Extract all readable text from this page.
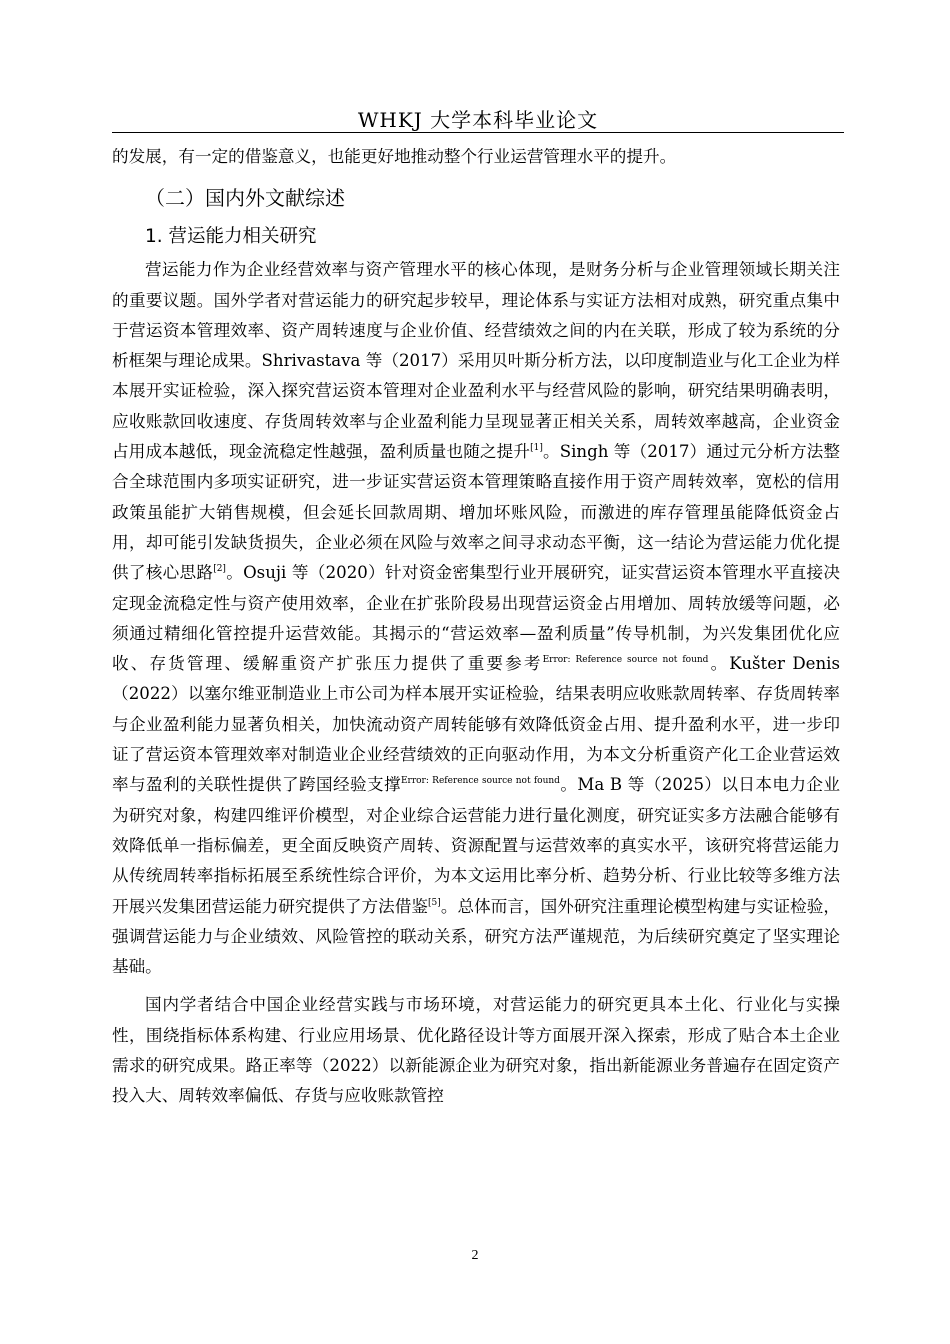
WHKJ 大学本科毕业论文

的发展，有一定的借鉴意义，也能更好地推动整个行业运营管理水平的提升。

（二）国内外文献综述

1. 营运能力相关研究

营运能力作为企业经营效率与资产管理水平的核心体现，是财务分析与企业管理领域长期关注的重要议题。国外学者对营运能力的研究起步较早，理论体系与实证方法相对成熟，研究重点集中于营运资本管理效率、资产周转速度与企业价值、经营绩效之间的内在关联，形成了较为系统的分析框架与理论成果。Shrivastava 等（2017）采用贝叶斯分析方法，以印度制造业与化工企业为样本展开实证检验，深入探究营运资本管理对企业盈利水平与经营风险的影响，研究结果明确表明，应收账款回收速度、存货周转效率与企业盈利能力呈现显著正相关关系，周转效率越高，企业资金占用成本越低，现金流稳定性越强，盈利质量也随之提升[1]。Singh 等（2017）通过元分析方法整合全球范围内多项实证研究，进一步证实营运资本管理策略直接作用于资产周转效率，宽松的信用政策虽能扩大销售规模，但会延长回款周期、增加坏账风险，而激进的库存管理虽能降低资金占用，却可能引发缺货损失，企业必须在风险与效率之间寻求动态平衡，这一结论为营运能力优化提供了核心思路[2]。Osuji 等（2020）针对资金密集型行业开展研究，证实营运资本管理水平直接决定现金流稳定性与资产使用效率，企业在扩张阶段易出现营运资金占用增加、周转放缓等问题，必须通过精细化管控提升运营效能。其揭示的“营运效率—盈利质量”传导机制，为兴发集团优化应收、存货管理、缓解重资产扩张压力提供了重要参考$^{Error: Reference source not found}$。Kušter Denis（2022）以塞尔维亚制造业上市公司为样本展开实证检验，结果表明应收账款周转率、存货周转率与企业盈利能力显著负相关，加快流动资产周转能够有效降低资金占用、提升盈利水平，进一步印证了营运资本管理效率对制造业企业经营绩效的正向驱动作用，为本文分析重资产化工企业营运效率与盈利的关联性提供了跨国经验支撑$^{Error: Reference source not found}$。Ma B 等（2025）以日本电力企业为研究对象，构建四维评价模型，对企业综合运营能力进行量化测度，研究证实多方法融合能够有效降低单一指标偏差，更全面反映资产周转、资源配置与运营效率的真实水平，该研究将营运能力从传统周转率指标拓展至系统性综合评价，为本文运用比率分析、趋势分析、行业比较等多维方法开展兴发集团营运能力研究提供了方法借鉴[5]。总体而言，国外研究注重理论模型构建与实证检验，强调营运能力与企业绩效、风险管控的联动关系，研究方法严谨规范，为后续研究奠定了坚实理论基础。

国内学者结合中国企业经营实践与市场环境，对营运能力的研究更具本土化、行业化与实操性，围绕指标体系构建、行业应用场景、优化路径设计等方面展开深入探索，形成了贴合本土企业需求的研究成果。路正率等（2022）以新能源企业为研究对象，指出新能源业务普遍存在固定资产投入大、周转效率偏低、存货与应收账款管控

2
